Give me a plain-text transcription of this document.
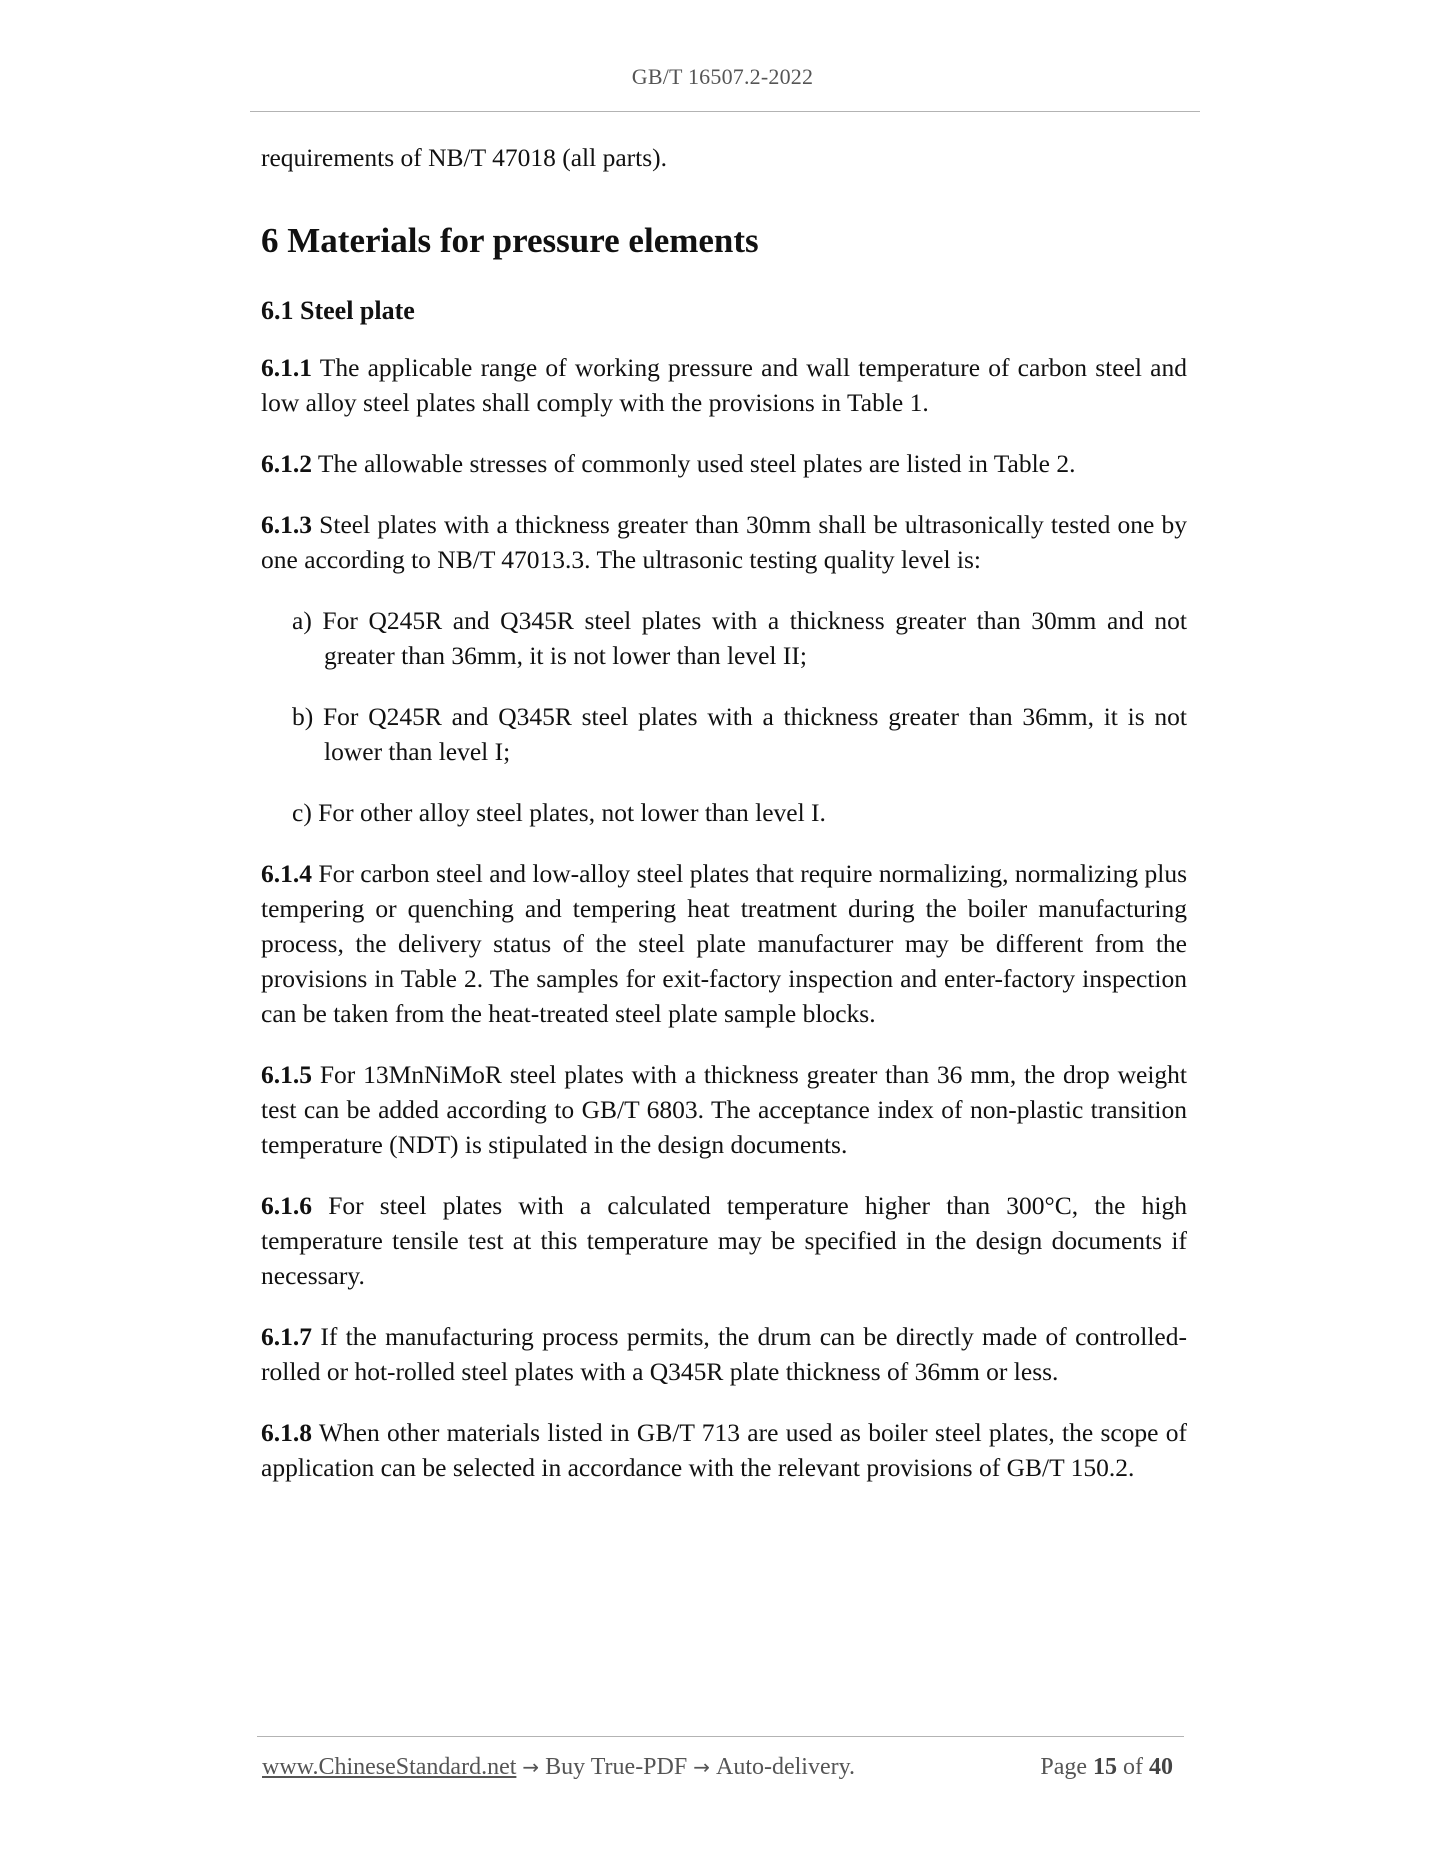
GB/T 16507.2-2022

requirements of NB/T 47018 (all parts).

6 Materials for pressure elements
6.1 Steel plate

6.1.1 The applicable range of working pressure and wall temperature of carbon steel and low alloy steel plates shall comply with the provisions in Table 1.

6.1.2 The allowable stresses of commonly used steel plates are listed in Table 2.

6.1.3 Steel plates with a thickness greater than 30mm shall be ultrasonically tested one by one according to NB/T 47013.3. The ultrasonic testing quality level is:

a) For Q245R and Q345R steel plates with a thickness greater than 30mm and not greater than 36mm, it is not lower than level II;

b) For Q245R and Q345R steel plates with a thickness greater than 36mm, it is not lower than level I;

c) For other alloy steel plates, not lower than level I.

6.1.4 For carbon steel and low-alloy steel plates that require normalizing, normalizing plus tempering or quenching and tempering heat treatment during the boiler manufacturing process, the delivery status of the steel plate manufacturer may be different from the provisions in Table 2. The samples for exit-factory inspection and enter-factory inspection can be taken from the heat-treated steel plate sample blocks.

6.1.5 For 13MnNiMoR steel plates with a thickness greater than 36 mm, the drop weight test can be added according to GB/T 6803. The acceptance index of non-plastic transition temperature (NDT) is stipulated in the design documents.

6.1.6 For steel plates with a calculated temperature higher than 300°C, the high temperature tensile test at this temperature may be specified in the design documents if necessary.

6.1.7 If the manufacturing process permits, the drum can be directly made of controlled-rolled or hot-rolled steel plates with a Q345R plate thickness of 36mm or less.

6.1.8 When other materials listed in GB/T 713 are used as boiler steel plates, the scope of application can be selected in accordance with the relevant provisions of GB/T 150.2.

www.ChineseStandard.net → Buy True-PDF → Auto-delivery.	Page 15 of 40
